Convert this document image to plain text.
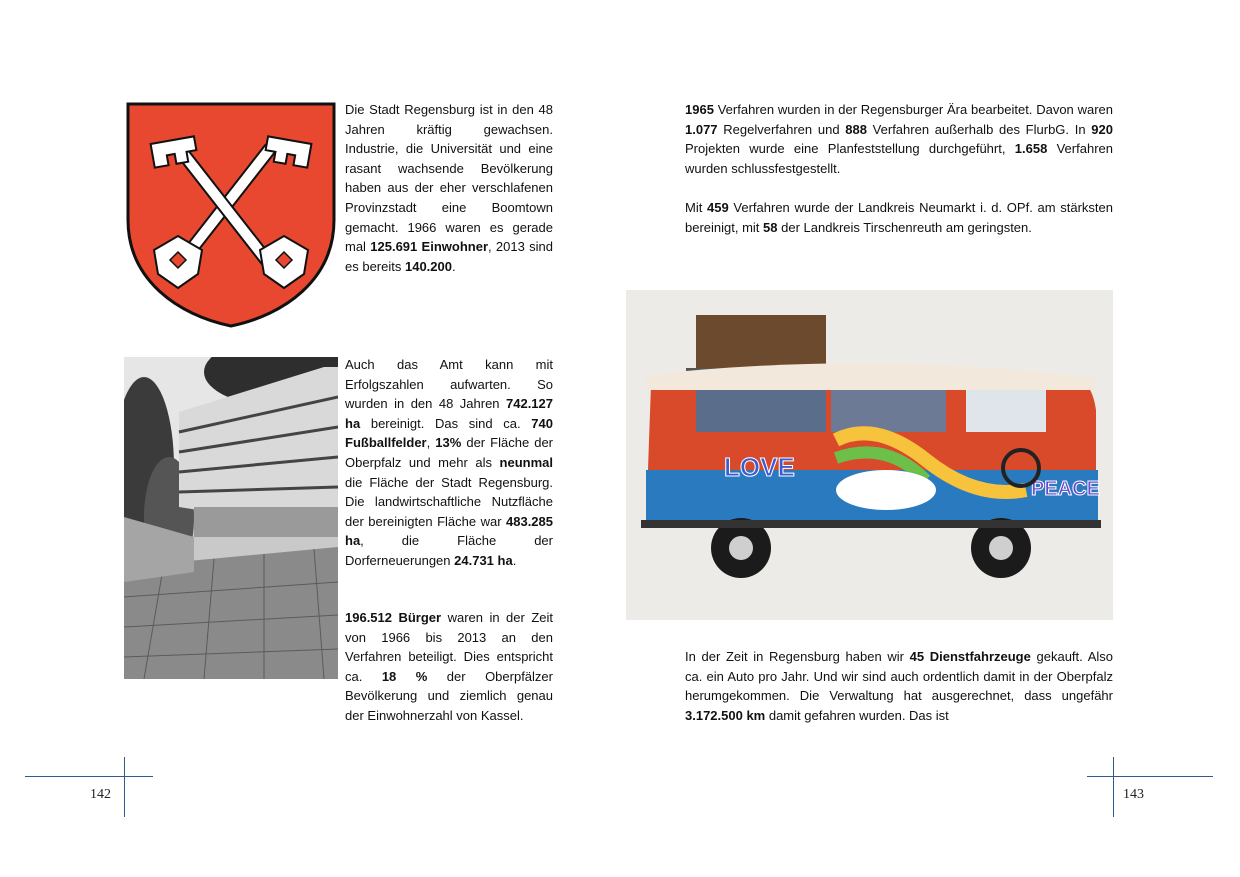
Die Stadt Regensburg ist in den 48 Jahren kräftig gewachsen. Industrie, die Universität und eine rasant wachsende Bevölkerung haben aus der eher verschlafenen Provinzstadt eine Boomtown gemacht. 1966 waren es gerade mal 125.691 Einwohner, 2013 sind es bereits 140.200.

Auch das Amt kann mit Erfolgszahlen aufwarten. So wurden in den 48 Jahren 742.127 ha bereinigt. Das sind ca. 740 Fußballfelder, 13% der Fläche der Oberpfalz und mehr als neunmal die Fläche der Stadt Regensburg. Die landwirtschaftliche Nutzfläche der bereinigten Fläche war 483.285 ha, die Fläche der Dorferneuerungen 24.731 ha.

196.512 Bürger waren in der Zeit von 1966 bis 2013 an den Verfahren beteiligt. Dies entspricht ca. 18 % der Oberpfälzer Bevölkerung und ziemlich genau der Einwohnerzahl von Kassel.

142

1965 Verfahren wurden in der Regensburger Ära bearbeitet. Davon waren 1.077 Regelverfahren und 888 Verfahren außerhalb des FlurbG. In 920 Projekten wurde eine Planfeststellung durchgeführt, 1.658 Verfahren wurden schlussfestgestellt.

Mit 459 Verfahren wurde der Landkreis Neumarkt i. d. OPf. am stärksten bereinigt, mit 58 der Landkreis Tirschenreuth am geringsten.

LOVE
PEACE

In der Zeit in Regensburg haben wir 45 Dienstfahrzeuge gekauft. Also ca. ein Auto pro Jahr. Und wir sind auch ordentlich damit in der Oberpfalz herumgekommen. Die Verwaltung hat ausgerechnet, dass ungefähr 3.172.500 km damit gefahren wurden. Das ist

143
